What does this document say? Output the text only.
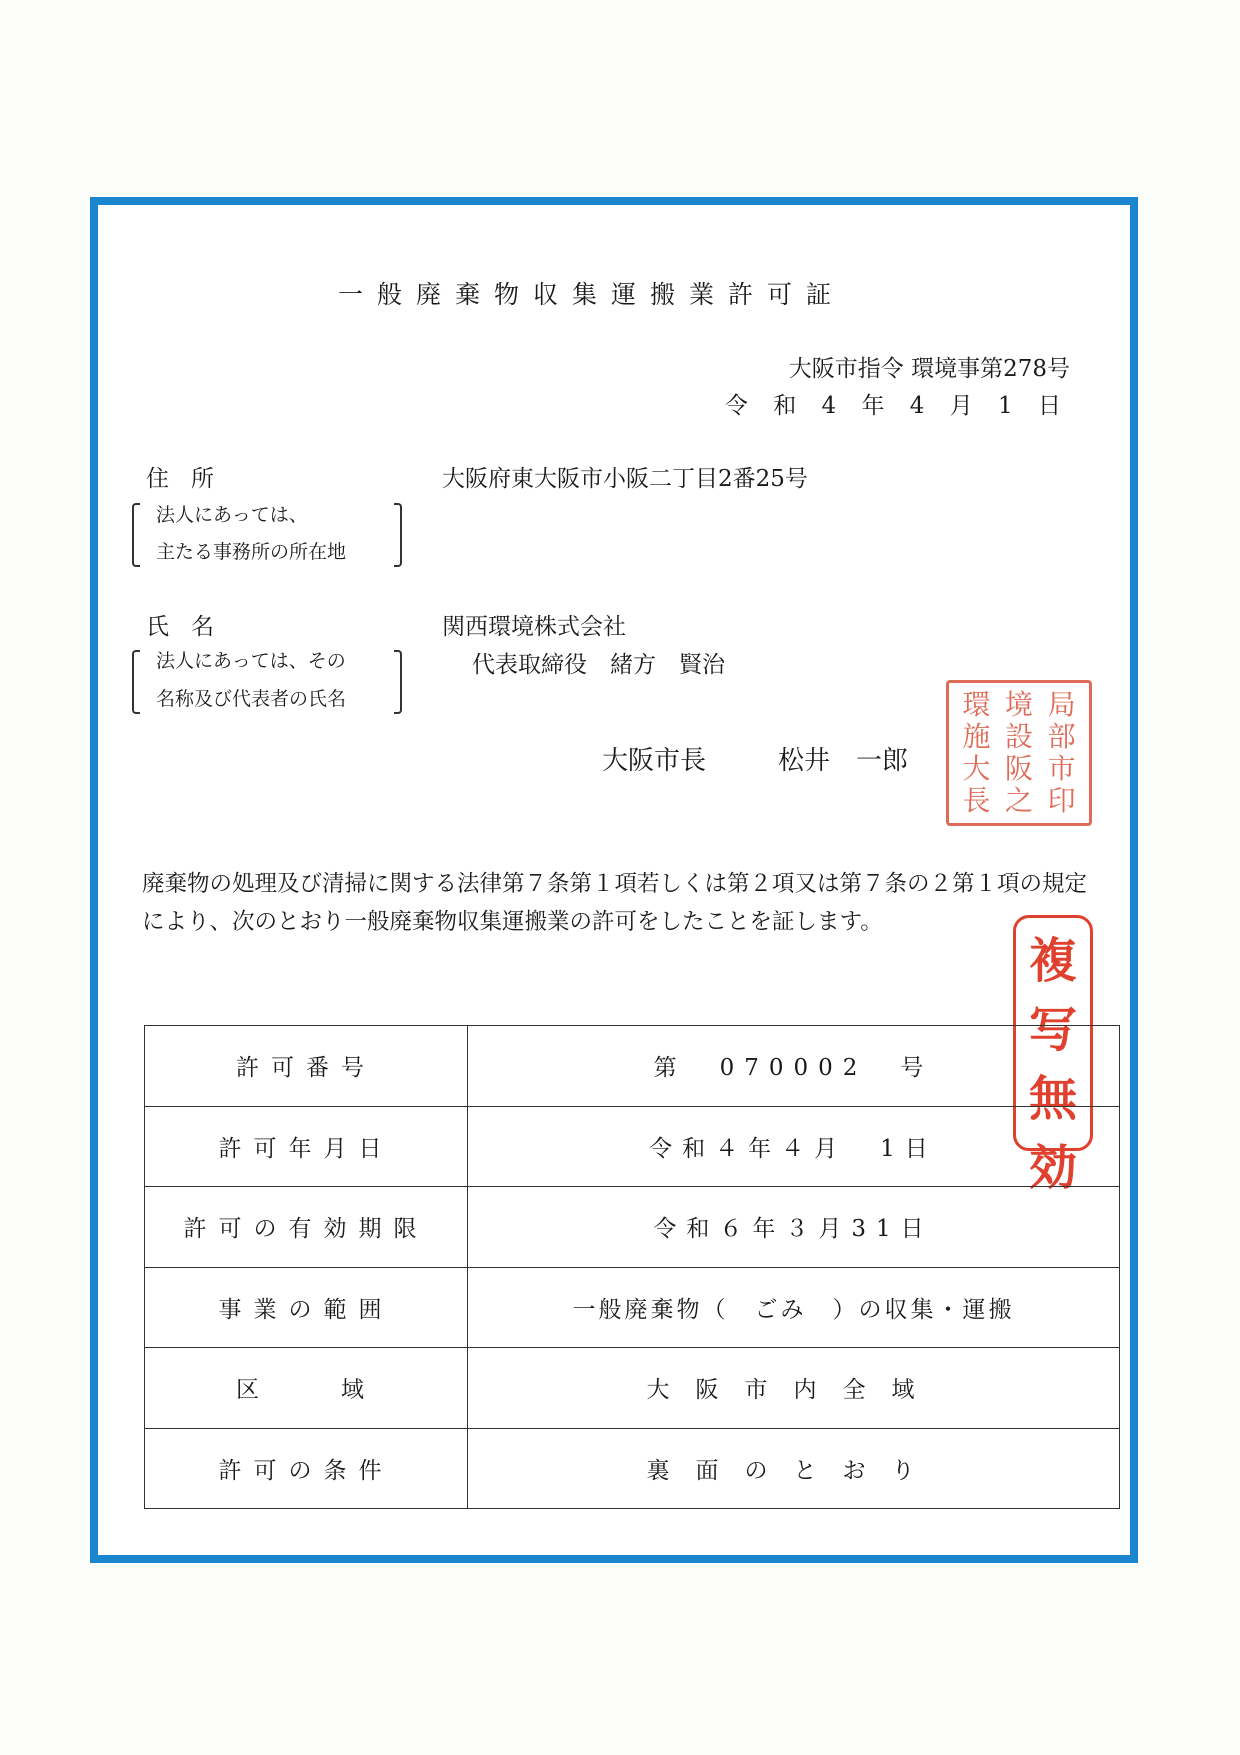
一般廃棄物収集運搬業許可証
大阪市指令 環境事第278号
令 和 4 年 4 月 1 日
住所
法人にあっては、
主たる事務所の所在地
大阪府東大阪市小阪二丁目2番25号
氏名
法人にあっては、その
名称及び代表者の氏名
関西環境株式会社
代表取締役　緒方　賢治
大阪市長	松井　一郎
環 境 局
施 設 部
大 阪 市
長 之 印
廃棄物の処理及び清掃に関する法律第７条第１項若しくは第２項又は第７条の２第１項の規定により、次のとおり一般廃棄物収集運搬業の許可をしたことを証します。
複
写
無
効
許可番号	第　070002　号
許可年月日	令和４年４月　1日
許可の有効期限	令和６年３月31日
事業の範囲	一般廃棄物（　ごみ　）の収集・運搬
区　　域	大阪市内全域
許可の条件	裏面のとおり
